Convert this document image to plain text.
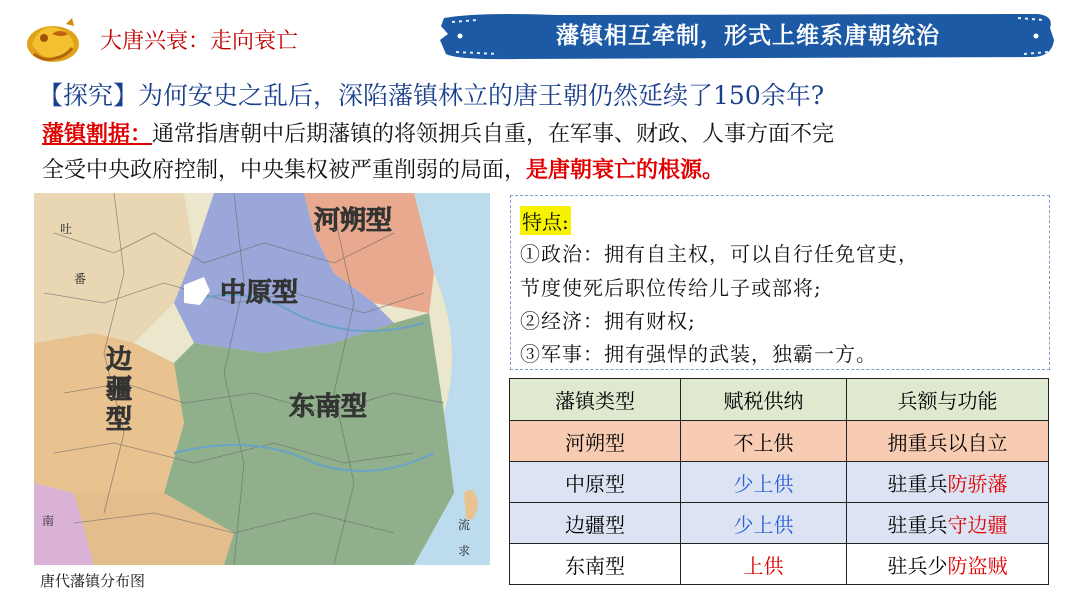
大唐兴衰：走向衰亡	藩镇相互牵制，形式上维系唐朝统治
【探究】为何安史之乱后，深陷藩镇林立的唐王朝仍然延续了150余年?
藩镇割据：通常指唐朝中后期藩镇的将领拥兵自重，在军事、财政、人事方面不完
全受中央政府控制，中央集权被严重削弱的局面，是唐朝衰亡的根源。
河朔型
中原型
东南型
边
疆
型
吐
番
南	流
求
唐代藩镇分布图
特点:
①政治：拥有自主权，可以自行任免官吏，
节度使死后职位传给儿子或部将;
②经济：拥有财权;
③军事：拥有强悍的武装，独霸一方。
藩镇类型	赋税供纳	兵额与功能
河朔型	不上供	拥重兵以自立
中原型	少上供	驻重兵防骄藩
边疆型	少上供	驻重兵守边疆
东南型	上供	驻兵少防盗贼
